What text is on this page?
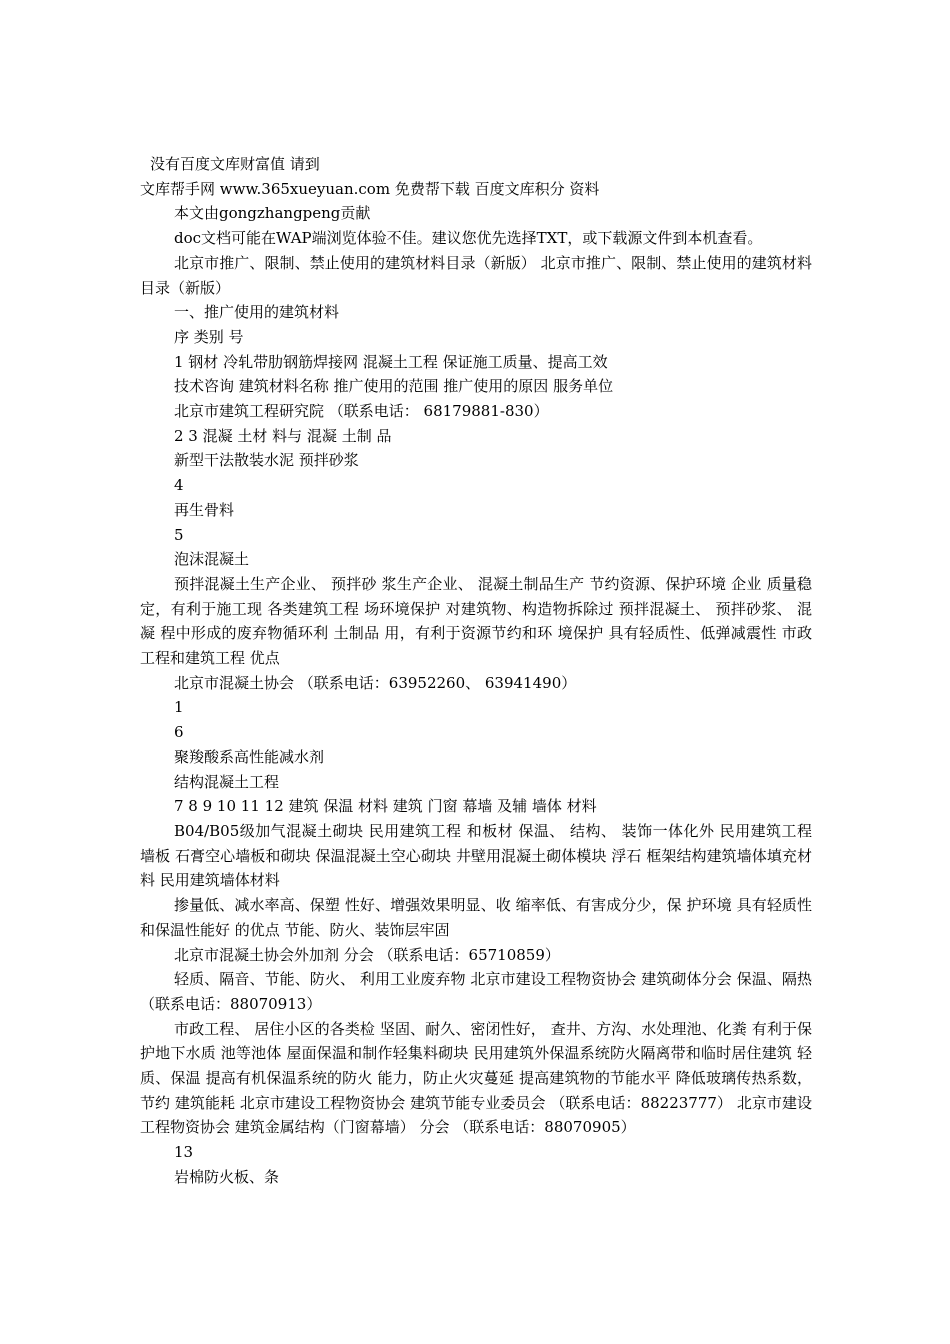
没有百度文库财富值 请到

文库帮手网 www.365xueyuan.com 免费帮下载 百度文库积分 资料

本文由gongzhangpeng贡献

doc文档可能在WAP端浏览体验不佳。建议您优先选择TXT，或下载源文件到本机查看。

北京市推广、限制、禁止使用的建筑材料目录（新版） 北京市推广、限制、禁止使用的建筑材料目录（新版）

一、推广使用的建筑材料

序 类别 号

1 钢材 冷轧带肋钢筋焊接网 混凝土工程 保证施工质量、提高工效

技术咨询 建筑材料名称 推广使用的范围 推广使用的原因 服务单位

北京市建筑工程研究院 （联系电话： 68179881-830）

2 3 混凝 土材 料与 混凝 土制 品

新型干法散装水泥 预拌砂浆

4

再生骨料

5

泡沫混凝土

预拌混凝土生产企业、 预拌砂 浆生产企业、 混凝土制品生产 节约资源、保护环境 企业 质量稳定，有利于施工现 各类建筑工程 场环境保护 对建筑物、构造物拆除过 预拌混凝土、 预拌砂浆、 混凝 程中形成的废弃物循环利 土制品 用，有利于资源节约和环 境保护 具有轻质性、低弹减震性 市政工程和建筑工程 优点

北京市混凝土协会 （联系电话：63952260、 63941490）

1

6

聚羧酸系高性能减水剂

结构混凝土工程

7 8 9 10 11 12 建筑 保温 材料 建筑 门窗 幕墙 及辅 墙体 材料

B04/B05级加气混凝土砌块 民用建筑工程 和板材 保温、 结构、 装饰一体化外 民用建筑工程 墙板 石膏空心墙板和砌块 保温混凝土空心砌块 井壁用混凝土砌体模块 浮石 框架结构建筑墙体填充材料 民用建筑墙体材料

掺量低、减水率高、保塑 性好、增强效果明显、收 缩率低、有害成分少，保 护环境 具有轻质性和保温性能好 的优点 节能、防火、装饰层牢固

北京市混凝土协会外加剂 分会 （联系电话：65710859）

轻质、隔音、节能、防火、 利用工业废弃物 北京市建设工程物资协会 建筑砌体分会 保温、隔热 （联系电话：88070913）

市政工程、 居住小区的各类检 坚固、耐久、密闭性好， 查井、方沟、水处理池、化粪 有利于保护地下水质 池等池体 屋面保温和制作轻集料砌块 民用建筑外保温系统防火隔离带和临时居住建筑 轻质、保温 提高有机保温系统的防火 能力，防止火灾蔓延 提高建筑物的节能水平 降低玻璃传热系数，节约 建筑能耗 北京市建设工程物资协会 建筑节能专业委员会 （联系电话：88223777） 北京市建设工程物资协会 建筑金属结构（门窗幕墙） 分会 （联系电话：88070905）

13

岩棉防火板、条
